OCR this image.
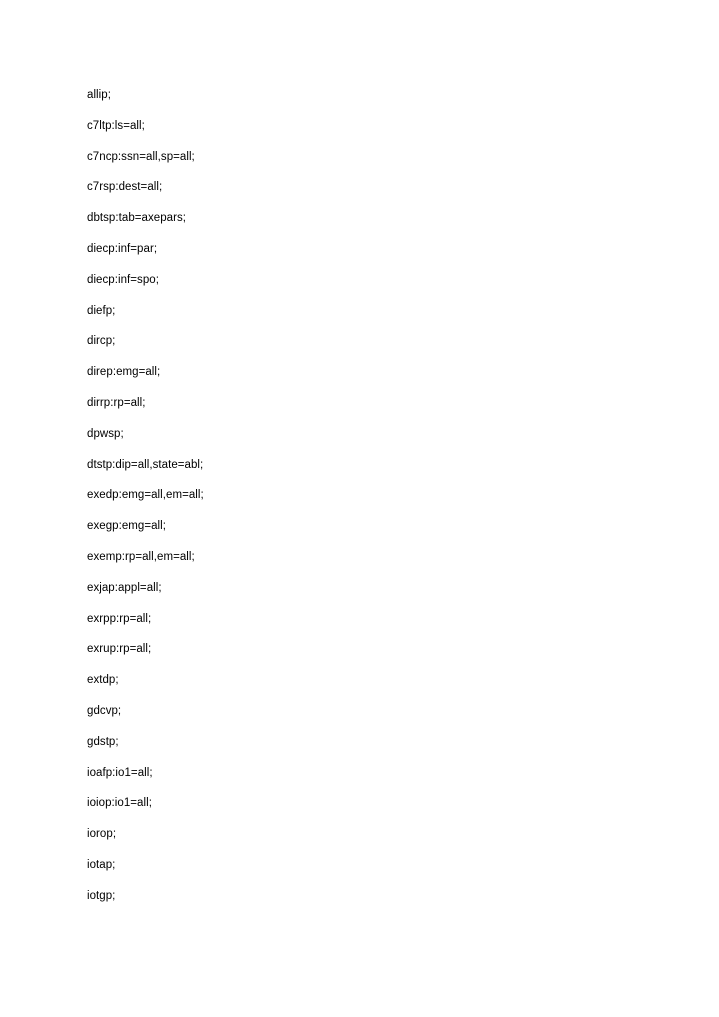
allip;
c7ltp:ls=all;
c7ncp:ssn=all,sp=all;
c7rsp:dest=all;
dbtsp:tab=axepars;
diecp:inf=par;
diecp:inf=spo;
diefp;
dircp;
direp:emg=all;
dirrp:rp=all;
dpwsp;
dtstp:dip=all,state=abl;
exedp:emg=all,em=all;
exegp:emg=all;
exemp:rp=all,em=all;
exjap:appl=all;
exrpp:rp=all;
exrup:rp=all;
extdp;
gdcvp;
gdstp;
ioafp:io1=all;
ioiop:io1=all;
iorop;
iotap;
iotgp;
